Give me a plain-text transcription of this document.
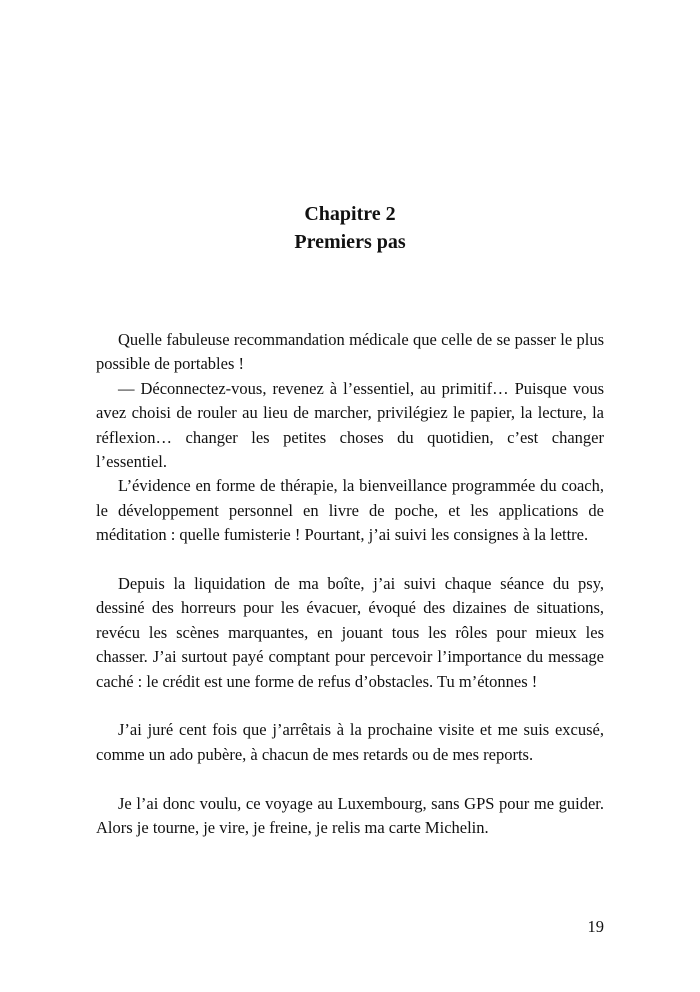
Chapitre 2
Premiers pas

Quelle fabuleuse recommandation médicale que celle de se passer le plus possible de portables !

— Déconnectez-vous, revenez à l’essentiel, au primitif… Puisque vous avez choisi de rouler au lieu de marcher, privilégiez le papier, la lecture, la réflexion… changer les petites choses du quotidien, c’est changer l’essentiel.

L’évidence en forme de thérapie, la bienveillance programmée du coach, le développement personnel en livre de poche, et les applications de méditation : quelle fumisterie ! Pourtant, j’ai suivi les consignes à la lettre.

Depuis la liquidation de ma boîte, j’ai suivi chaque séance du psy, dessiné des horreurs pour les évacuer, évoqué des dizaines de situations, revécu les scènes marquantes, en jouant tous les rôles pour mieux les chasser. J’ai surtout payé comptant pour percevoir l’importance du message caché : le crédit est une forme de refus d’obstacles. Tu m’étonnes !

J’ai juré cent fois que j’arrêtais à la prochaine visite et me suis excusé, comme un ado pubère, à chacun de mes retards ou de mes reports.

Je l’ai donc voulu, ce voyage au Luxembourg, sans GPS pour me guider. Alors je tourne, je vire, je freine, je relis ma carte Michelin.

19
